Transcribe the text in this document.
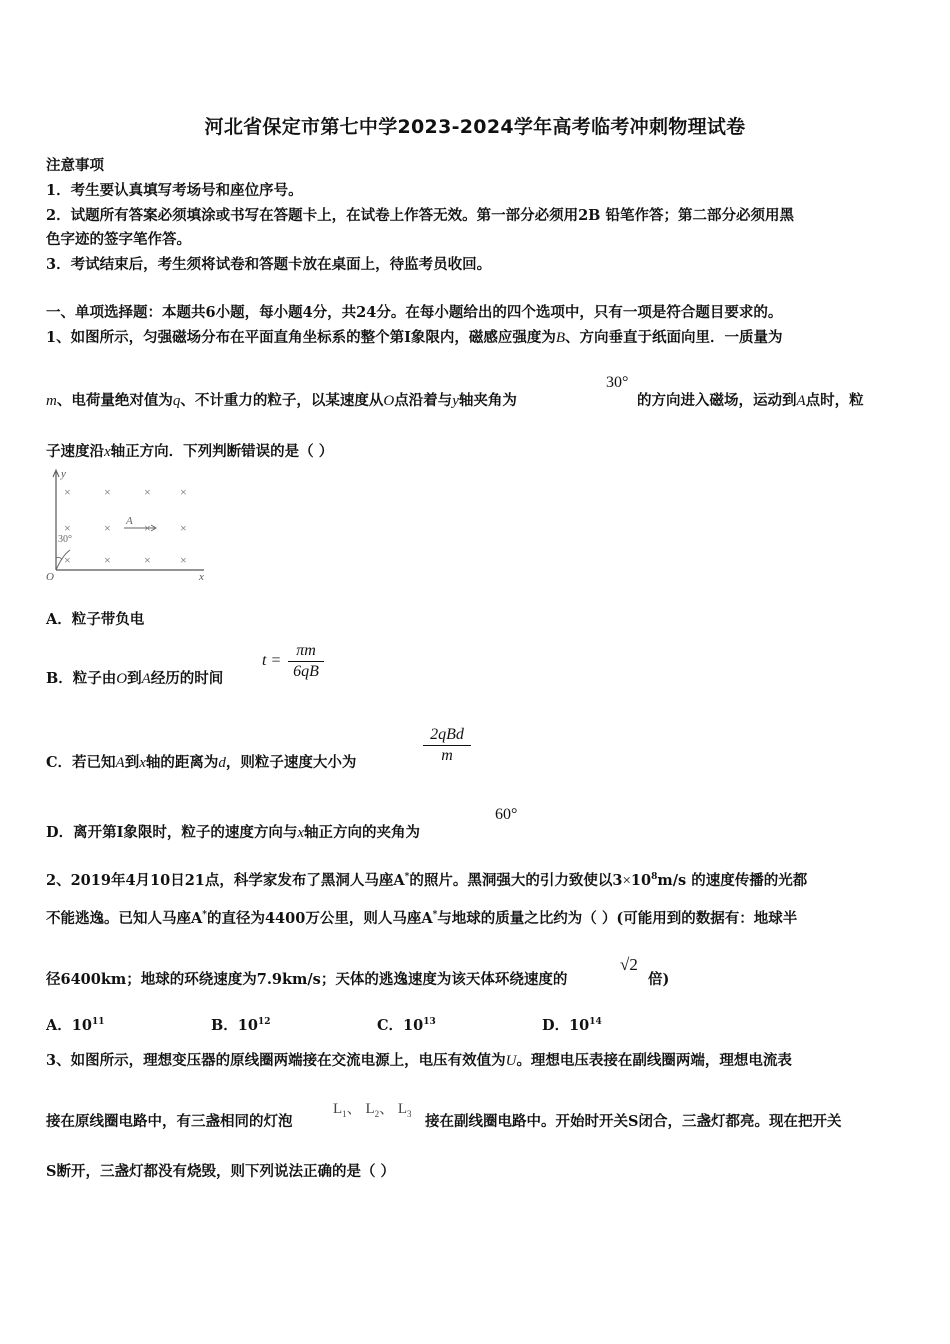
河北省保定市第七中学2023-2024学年高考临考冲刺物理试卷
注意事项
1．考生要认真填写考场号和座位序号。
2．试题所有答案必须填涂或书写在答题卡上，在试卷上作答无效。第一部分必须用2B 铅笔作答；第二部分必须用黑
色字迹的签字笔作答。
3．考试结束后，考生须将试卷和答题卡放在桌面上，待监考员收回。
一、单项选择题：本题共6小题，每小题4分，共24分。在每小题给出的四个选项中，只有一项是符合题目要求的。
1、如图所示，匀强磁场分布在平面直角坐标系的整个第Ⅰ象限内，磁感应强度为B、方向垂直于纸面向里．一质量为
m、电荷量绝对值为q、不计重力的粒子，以某速度从O点沿着与y轴夹角为
30°
的方向进入磁场，运动到A点时，粒
子速度沿x轴正方向．下列判断错误的是（ ）
y
x
O
×	×	× ×
×	×	× ×
×	×	× ×
A
30°
A．粒子带负电
B．粒子由O到A经历的时间
t =
πm
6qB
C．若已知A到x轴的距离为d，则粒子速度大小为
2qBd
m
D．离开第Ⅰ象限时，粒子的速度方向与x轴正方向的夹角为
60°
2、2019年4月10日21点，科学家发布了黑洞人马座A*的照片。黑洞强大的引力致使以$3\times 10^8m/s$ 的速度传播的光都
不能逃逸。已知人马座A*的直径为4400万公里，则人马座A*与地球的质量之比约为（ ）(可能用到的数据有：地球半
径6400km；地球的环绕速度为7.9km/s；天体的逃逸速度为该天体环绕速度的
√2
倍)
A．$10^{11}$	B．$10^{12}$	C．$10^{13}$	D．$10^{14}$
3、如图所示，理想变压器的原线圈两端接在交流电源上，电压有效值为U。理想电压表接在副线圈两端，理想电流表
接在原线圈电路中，有三盏相同的灯泡
$L_1$、 $L_2$、 $L_3$ 接在副线圈电路中。开始时开关S闭合，三盏灯都亮。现在把开关
S断开，三盏灯都没有烧毁，则下列说法正确的是（ ）
